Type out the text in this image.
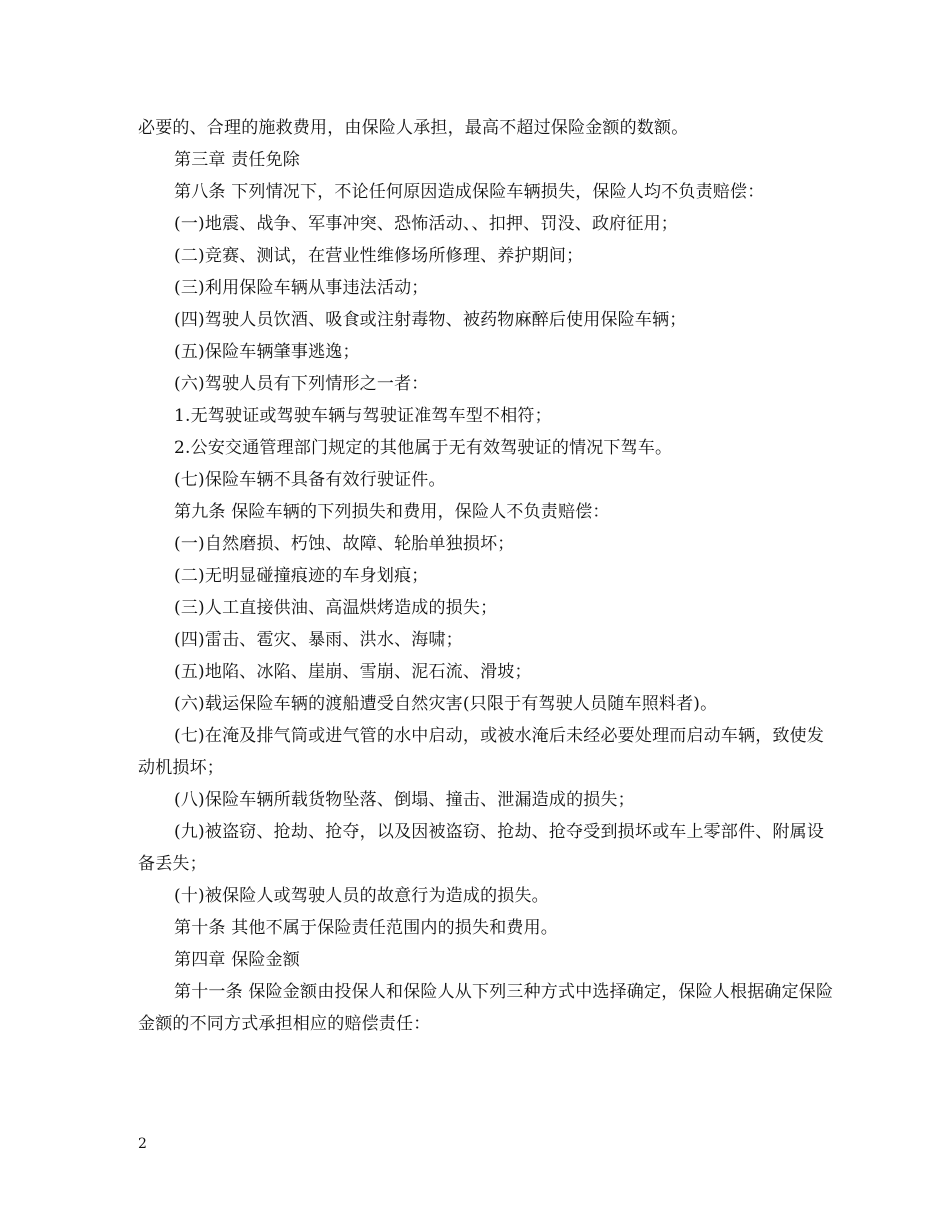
必要的、合理的施救费用，由保险人承担，最高不超过保险金额的数额。

第三章 责任免除

第八条 下列情况下，不论任何原因造成保险车辆损失，保险人均不负责赔偿：

(一)地震、战争、军事冲突、恐怖活动、、扣押、罚没、政府征用；

(二)竞赛、测试，在营业性维修场所修理、养护期间；

(三)利用保险车辆从事违法活动；

(四)驾驶人员饮酒、吸食或注射毒物、被药物麻醉后使用保险车辆；

(五)保险车辆肇事逃逸；

(六)驾驶人员有下列情形之一者：

1.无驾驶证或驾驶车辆与驾驶证准驾车型不相符；

2.公安交通管理部门规定的其他属于无有效驾驶证的情况下驾车。

(七)保险车辆不具备有效行驶证件。

第九条 保险车辆的下列损失和费用，保险人不负责赔偿：

(一)自然磨损、朽蚀、故障、轮胎单独损坏；

(二)无明显碰撞痕迹的车身划痕；

(三)人工直接供油、高温烘烤造成的损失；

(四)雷击、雹灾、暴雨、洪水、海啸；

(五)地陷、冰陷、崖崩、雪崩、泥石流、滑坡；

(六)载运保险车辆的渡船遭受自然灾害(只限于有驾驶人员随车照料者)。

(七)在淹及排气筒或进气管的水中启动，或被水淹后未经必要处理而启动车辆，致使发动机损坏；

(八)保险车辆所载货物坠落、倒塌、撞击、泄漏造成的损失；

(九)被盗窃、抢劫、抢夺，以及因被盗窃、抢劫、抢夺受到损坏或车上零部件、附属设备丢失；

(十)被保险人或驾驶人员的故意行为造成的损失。

第十条 其他不属于保险责任范围内的损失和费用。

第四章 保险金额

第十一条 保险金额由投保人和保险人从下列三种方式中选择确定，保险人根据确定保险金额的不同方式承担相应的赔偿责任：

2
